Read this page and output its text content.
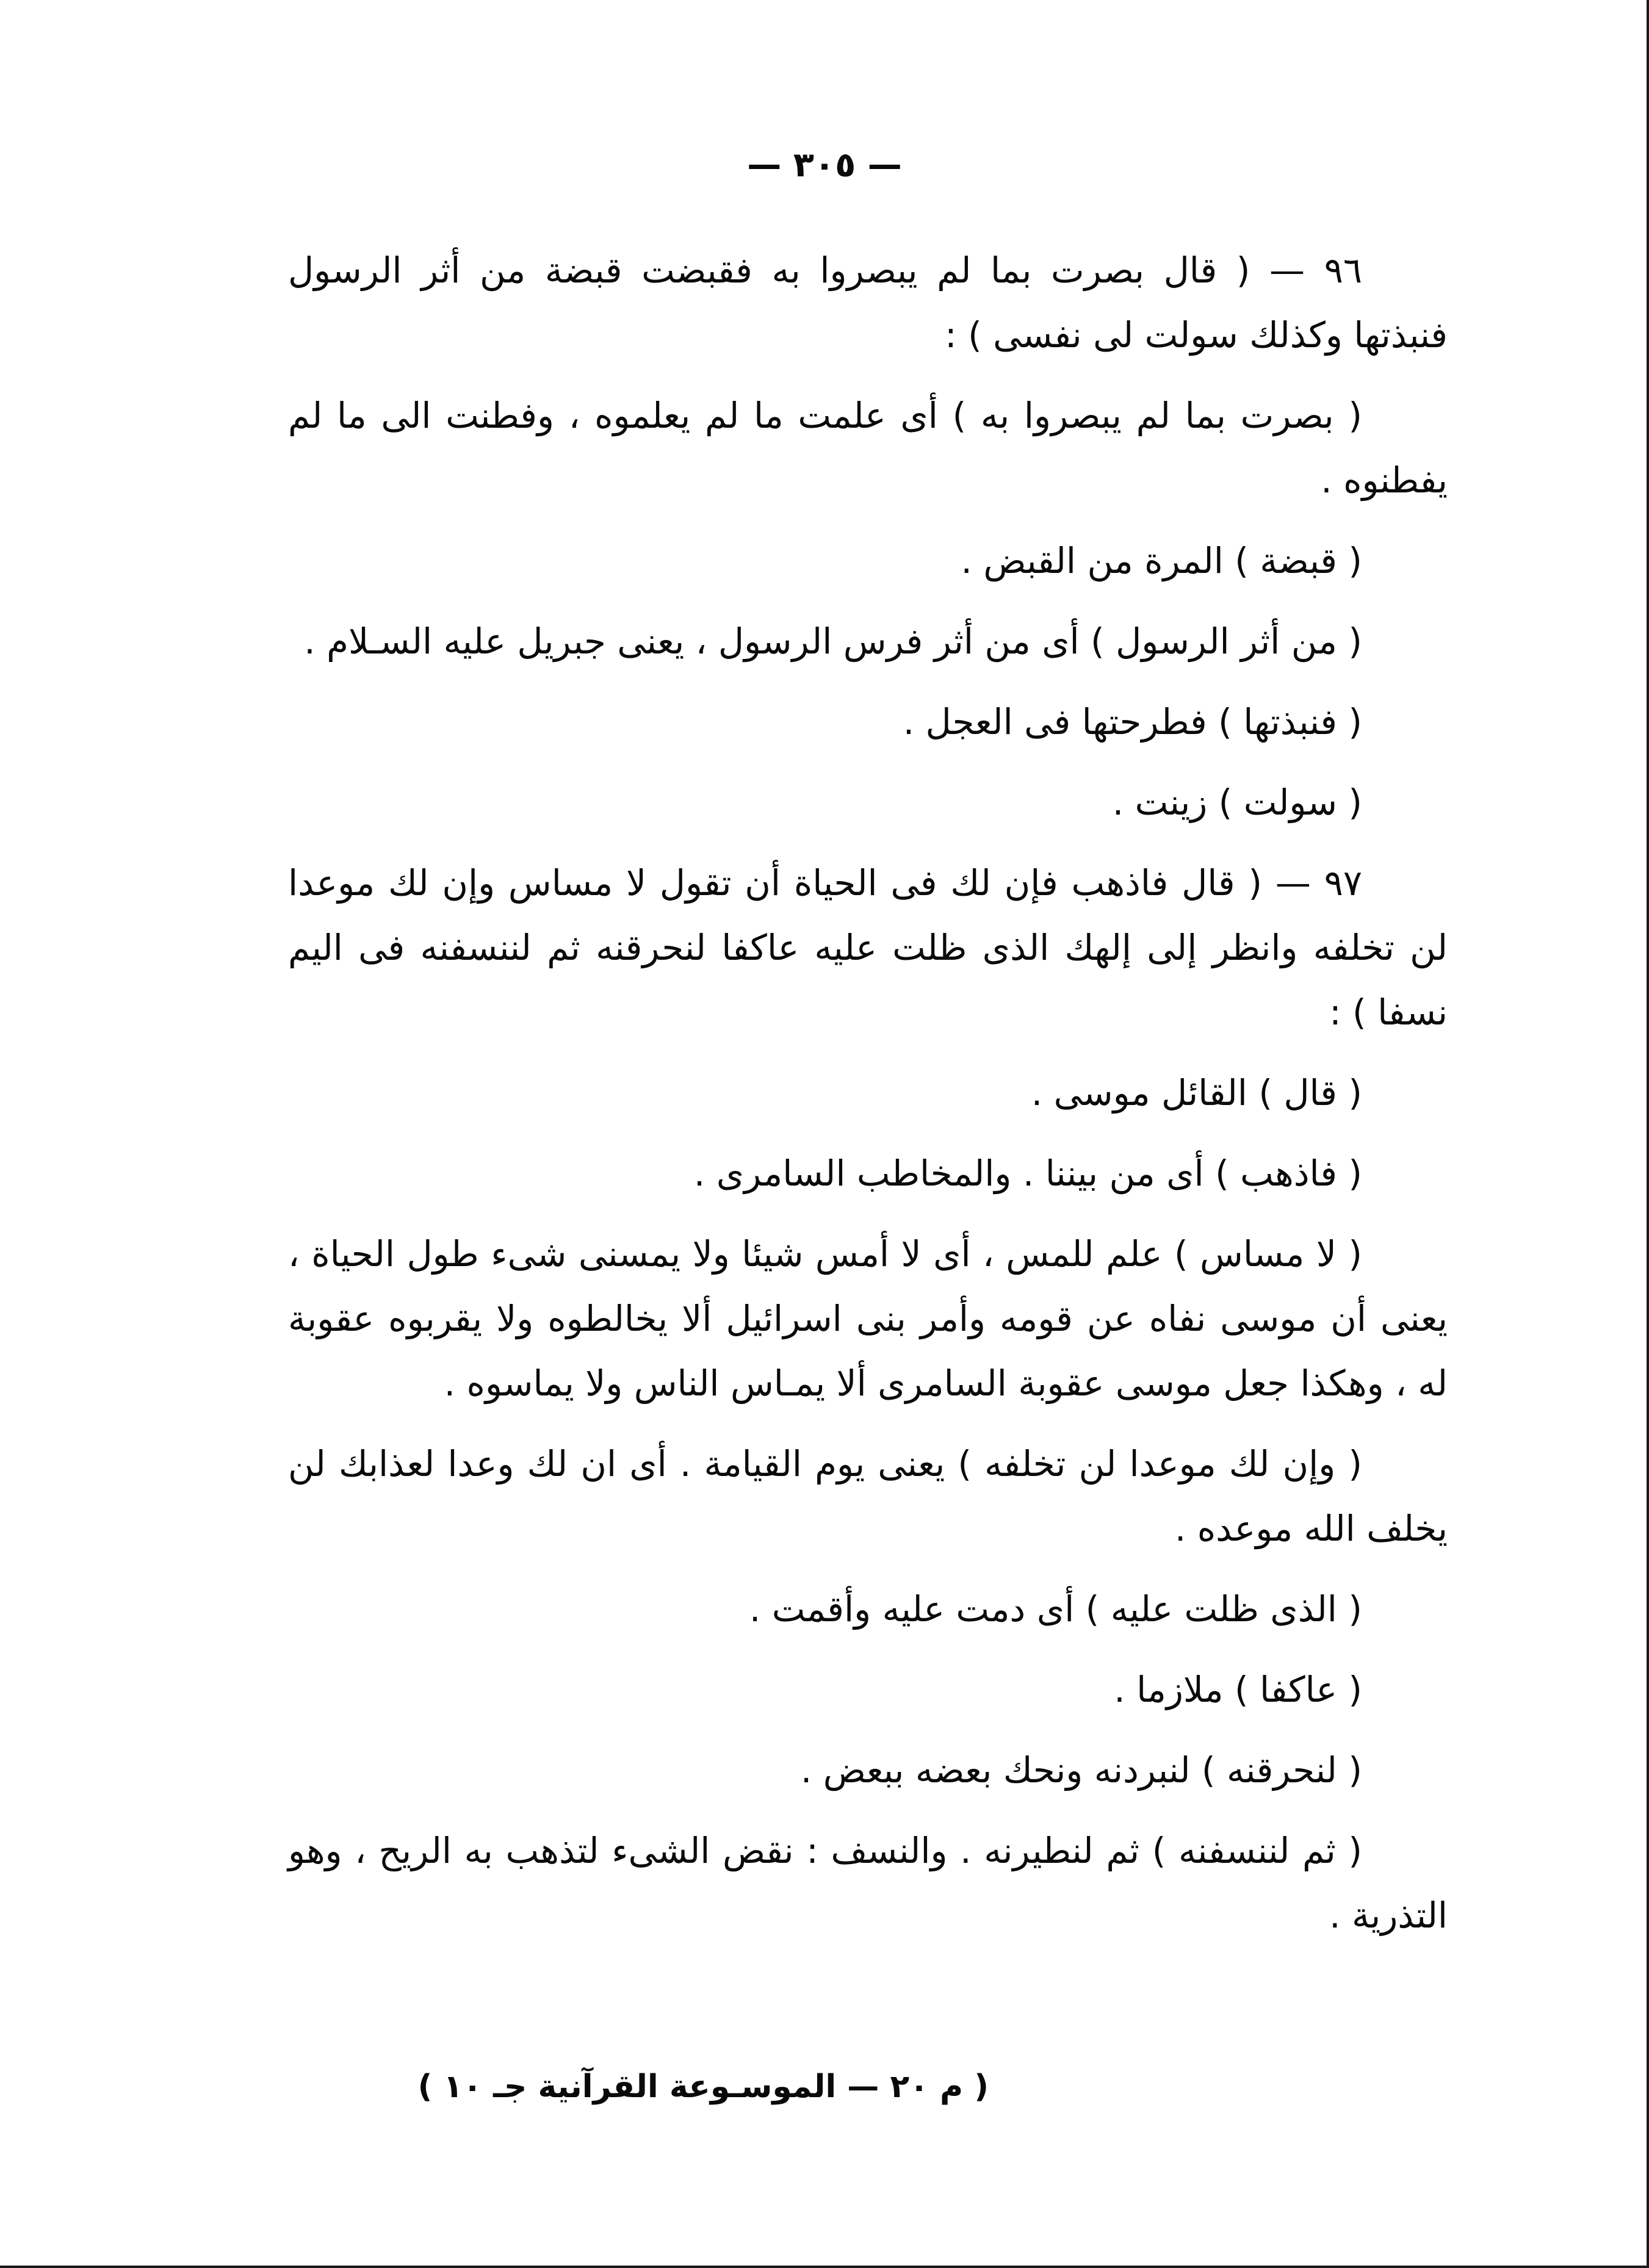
— ٣٠٥ —

٩٦ — ( قال بصرت بما لم يبصروا به فقبضت قبضة من أثر الرسول فنبذتها وكذلك سولت لى نفسى ) :

( بصرت بما لم يبصروا به ) أى علمت ما لم يعلموه ، وفطنت الى ما لم يفطنوه .

( قبضة ) المرة من القبض .

( من أثر الرسول ) أى من أثر فرس الرسول ، يعنى جبريل عليه السـلام .

( فنبذتها ) فطرحتها فى العجل .

( سولت ) زينت .

٩٧ — ( قال فاذهب فإن لك فى الحياة أن تقول لا مساس وإن لك موعدا لن تخلفه وانظر إلى إلهك الذى ظلت عليه عاكفا لنحرقنه ثم لننسفنه فى اليم نسفا ) :

( قال ) القائل موسى .

( فاذهب ) أى من بيننا . والمخاطب السامرى .

( لا مساس ) علم للمس ، أى لا أمس شيئا ولا يمسنى شىء طول الحياة ، يعنى أن موسى نفاه عن قومه وأمر بنى اسرائيل ألا يخالطوه ولا يقربوه عقوبة له ، وهكذا جعل موسى عقوبة السامرى ألا يمـاس الناس ولا يماسوه .

( وإن لك موعدا لن تخلفه ) يعنى يوم القيامة . أى ان لك وعدا لعذابك لن يخلف الله موعده .

( الذى ظلت عليه ) أى دمت عليه وأقمت .

( عاكفا ) ملازما .

( لنحرقنه ) لنبردنه ونحك بعضه ببعض .

( ثم لننسفنه ) ثم لنطيرنه . والنسف : نقض الشىء لتذهب به الريح ، وهو التذرية .

( م ٢٠ — الموسـوعة القرآنية جـ ١٠ )
